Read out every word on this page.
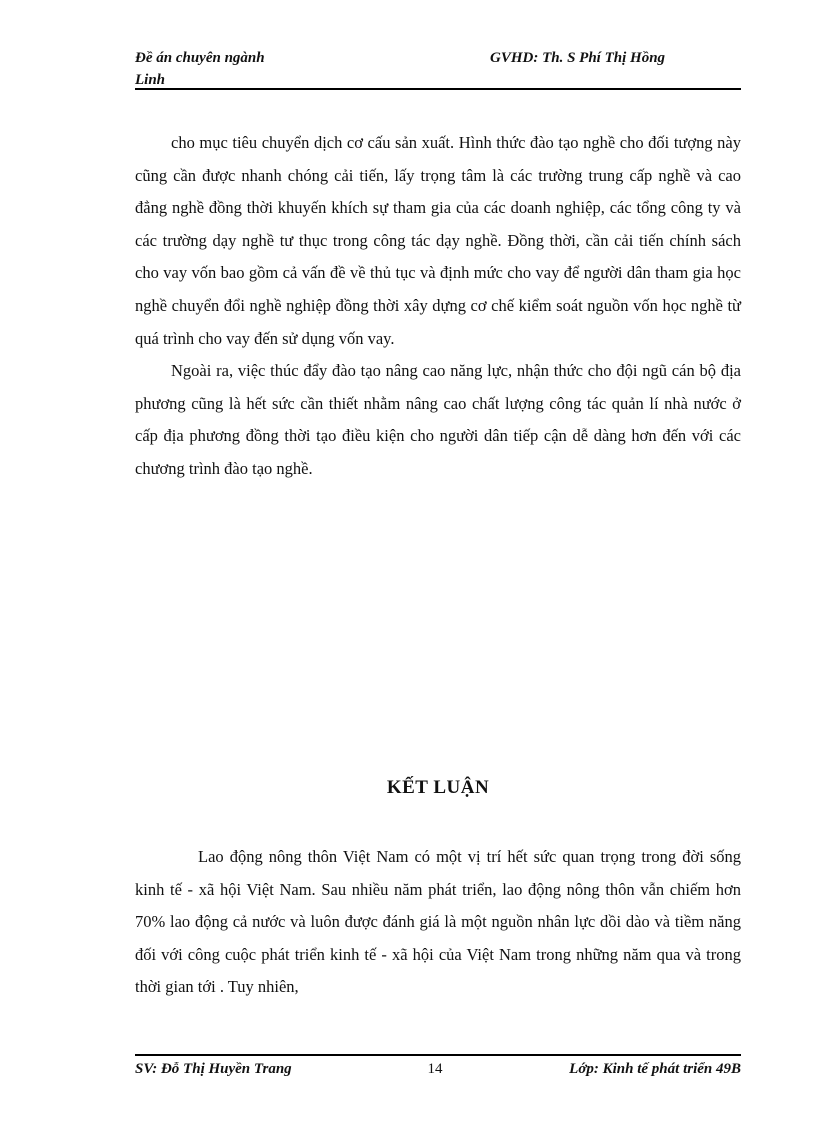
Đề án chuyên ngành
Linh
GVHD: Th. S Phí Thị Hồng

cho mục tiêu chuyển dịch cơ cấu sản xuất. Hình thức đào tạo nghề cho đối tượng này cũng cần được nhanh chóng cải tiến, lấy trọng tâm là các trường trung cấp nghề và cao đẳng nghề đồng thời khuyến khích sự tham gia của các doanh nghiệp, các tổng công ty và các trường dạy nghề tư thục trong công tác dạy nghề. Đồng thời, cần cải tiến chính sách cho vay vốn bao gồm cả vấn đề về thủ tục và định mức cho vay để người dân tham gia học nghề chuyển đổi nghề nghiệp đồng thời xây dựng cơ chế kiểm soát nguồn vốn học nghề từ quá trình cho vay đến sử dụng vốn vay.

Ngoài ra, việc thúc đẩy đào tạo nâng cao năng lực, nhận thức cho đội ngũ cán bộ địa phương cũng là hết sức cần thiết nhằm nâng cao chất lượng công tác quản lí nhà nước ở cấp địa phương đồng thời tạo điều kiện cho người dân tiếp cận dễ dàng hơn đến với các chương trình đào tạo nghề.

KẾT LUẬN

Lao động nông thôn Việt Nam có một vị trí hết sức quan trọng trong đời sống kinh tế - xã hội Việt Nam. Sau nhiều năm phát triển, lao động nông thôn vẫn chiếm hơn 70% lao động cả nước và luôn được đánh giá là một nguồn nhân lực dồi dào và tiềm năng đối với công cuộc phát triển kinh tế - xã hội của Việt Nam trong những năm qua và trong thời gian tới . Tuy nhiên,

SV: Đỗ Thị Huyền Trang	14	Lớp: Kinh tế phát triển 49B
